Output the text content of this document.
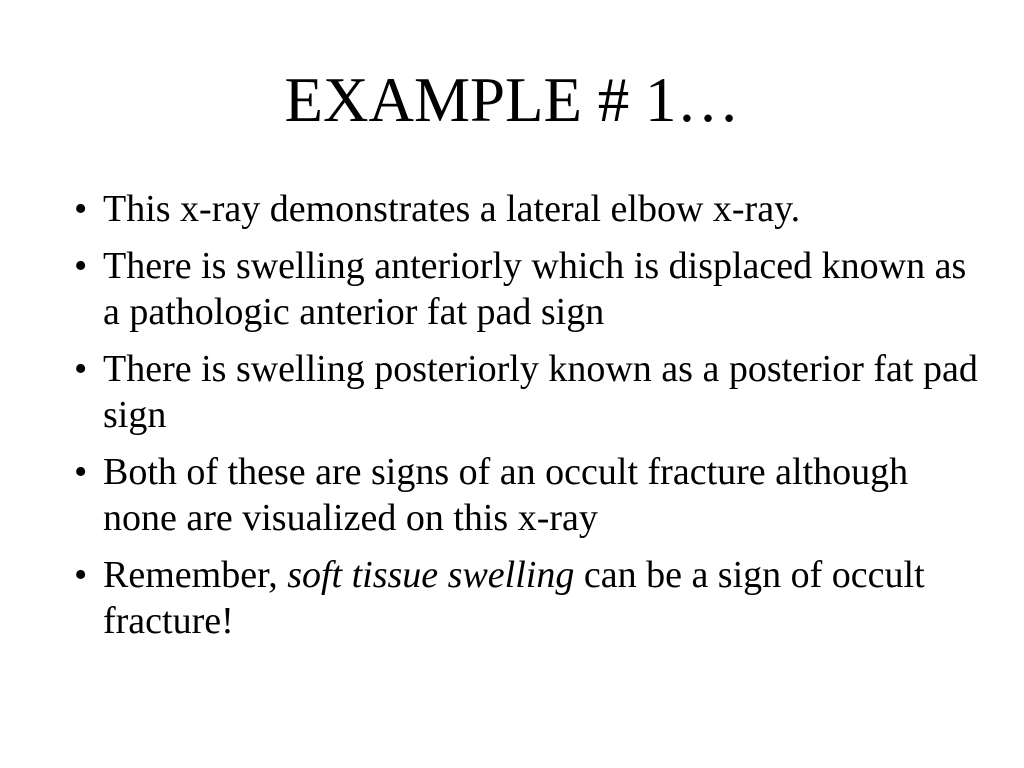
EXAMPLE # 1…
• This x-ray demonstrates a lateral elbow x-ray.
• There is swelling anteriorly which is displaced known as a pathologic anterior fat pad sign
• There is swelling posteriorly known as a posterior fat pad sign
• Both of these are signs of an occult fracture although none are visualized on this x-ray
• Remember, soft tissue swelling can be a sign of occult fracture!
